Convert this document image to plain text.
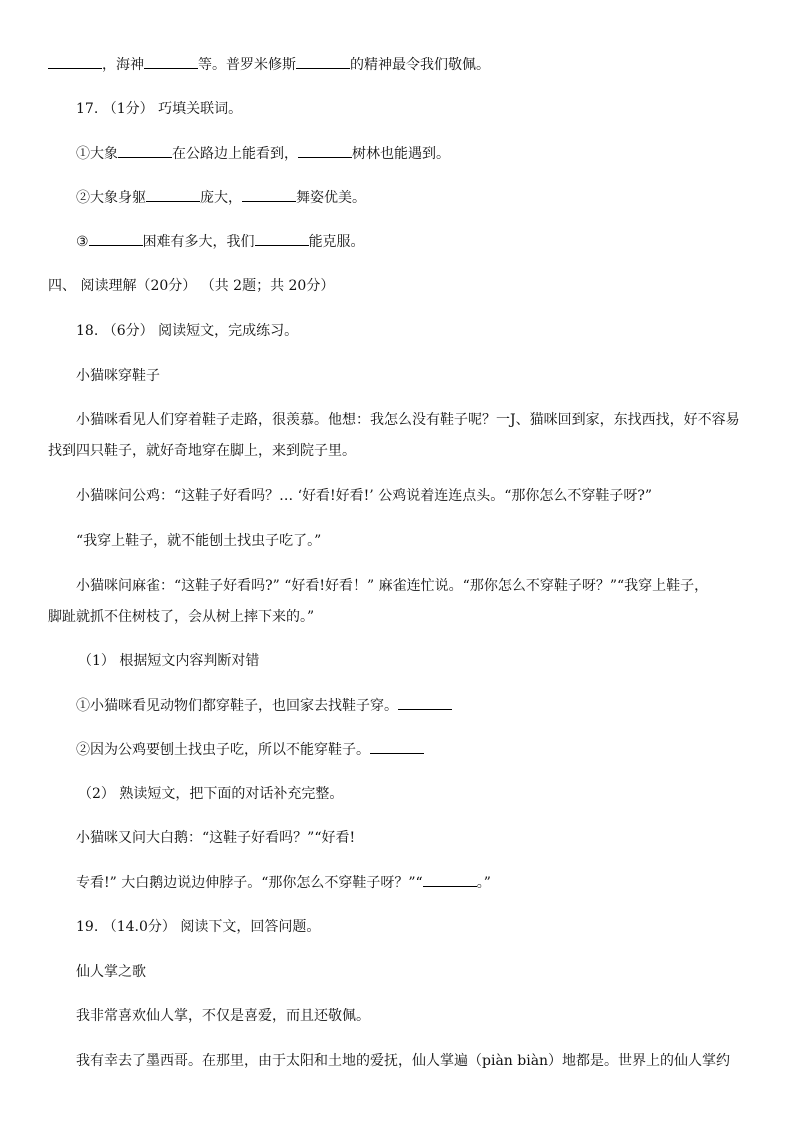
，海神	等。普罗米修斯	的精神最令我们敬佩。
17. （1分） 巧填关联词。
①大象	在公路边上能看到，	树林也能遇到。
②大象身躯	庞大，	舞姿优美。
③	困难有多大，我们	能克服。
四、 阅读理解（20分） （共 2题；共 20分）
18. （6分） 阅读短文，完成练习。
小猫咪穿鞋子
小猫咪看见人们穿着鞋子走路，很羡慕。他想：我怎么没有鞋子呢？一J、猫咪回到家，东找西找，好不容易
找到四只鞋子，就好奇地穿在脚上，来到院子里。
小猫咪问公鸡：“这鞋子好看吗？… ‘好看!好看!’ 公鸡说着连连点头。“那你怎么不穿鞋子呀?”
“我穿上鞋子，就不能刨土找虫子吃了。”
小猫咪问麻雀：“这鞋子好看吗?” “好看!好看！” 麻雀连忙说。“那你怎么不穿鞋子呀？”“我穿上鞋子，
脚趾就抓不住树枝了，会从树上摔下来的。”
（1） 根据短文内容判断对错
①小猫咪看见动物们都穿鞋子，也回家去找鞋子穿。
②因为公鸡要刨土找虫子吃，所以不能穿鞋子。
（2） 熟读短文，把下面的对话补充完整。
小猫咪又问大白鹅：“这鞋子好看吗？”“好看!
专看!” 大白鹅边说边伸脖子。“那你怎么不穿鞋子呀？”“	。”
19. （14.0分） 阅读下文，回答问题。
仙人掌之歌
我非常喜欢仙人掌，不仅是喜爱，而且还敬佩。
我有幸去了墨西哥。在那里，由于太阳和土地的爱抚，仙人掌遍（piàn biàn）地都是。世界上的仙人掌约
